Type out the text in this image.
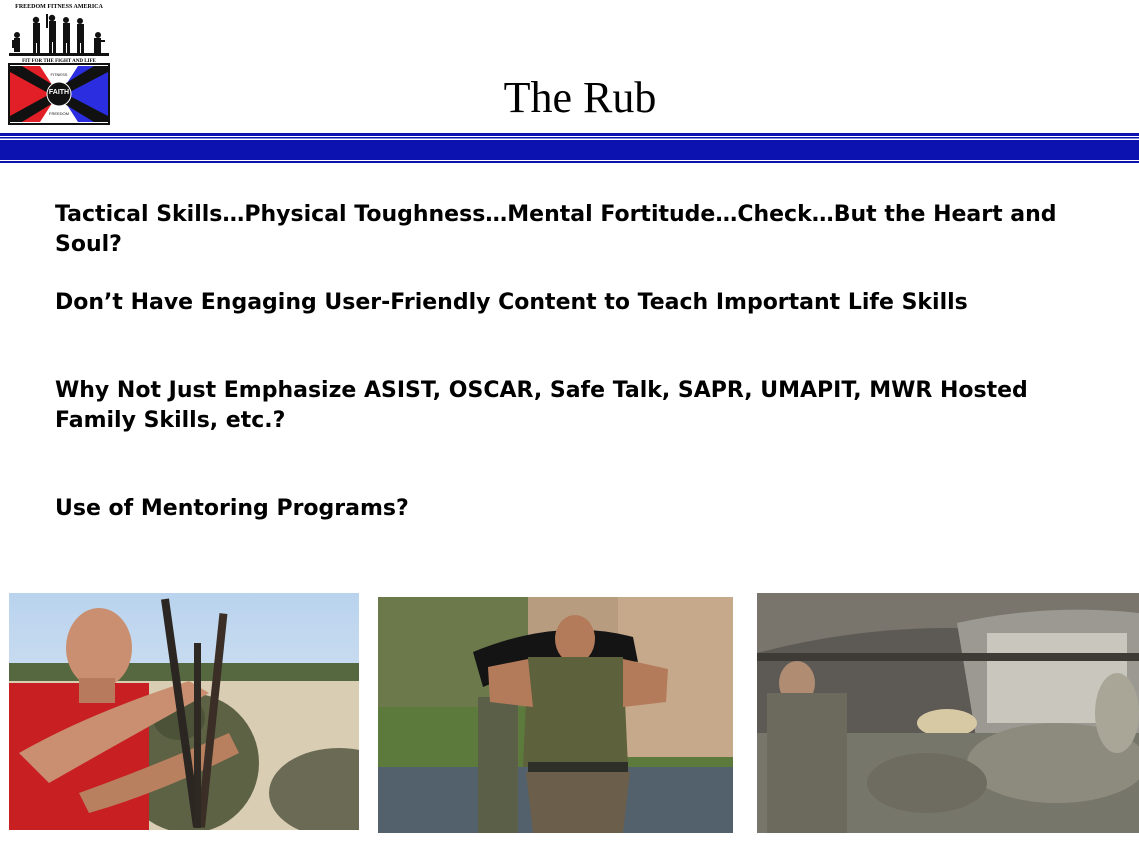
FREEDOM FITNESS AMERICA
FIT FOR THE FIGHT AND LIFE
FAITH
FITNESS
FREEDOM	The Rub
Tactical Skills…Physical Toughness…Mental Fortitude…Check…But the Heart and Soul?
Don’t Have Engaging User-Friendly Content to Teach Important Life Skills
Why Not Just Emphasize ASIST, OSCAR, Safe Talk, SAPR, UMAPIT, MWR Hosted Family Skills, etc.?
Use of Mentoring Programs?
